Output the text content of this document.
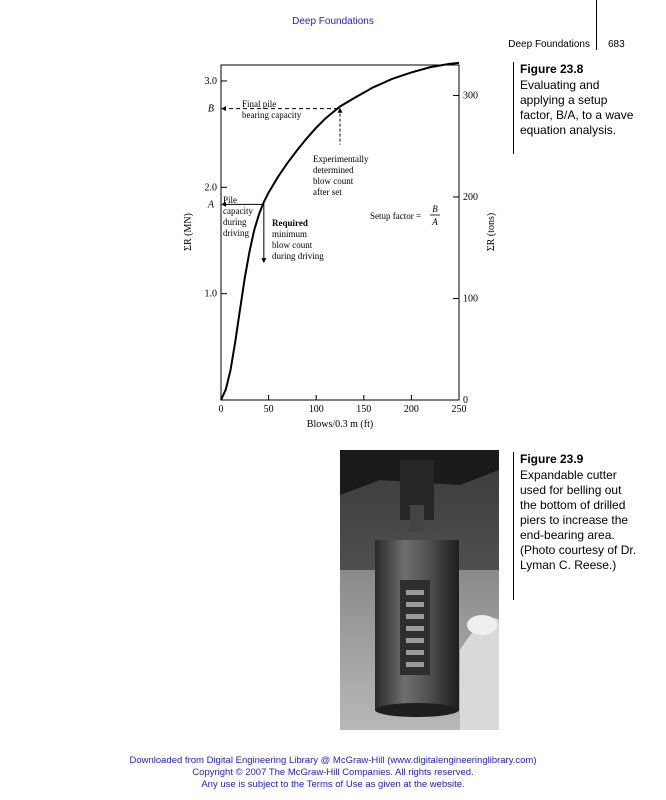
Deep Foundations
Deep Foundations 683
0	50	100	150	200	250
1.0
2.0
3.0
0
100
200
300
B
A
Final pile bearing capacity
Pile capacity during driving
Required minimum blow count during driving
Experimentally determined blow count after set
Setup factor =
B
A
Blows/0.3 m (ft)
ΣR (MN)	ΣR (tons)
Figure 23.8
Evaluating and applying a setup factor, B/A, to a wave equation analysis.
Figure 23.9
Expandable cutter used for belling out the bottom of drilled piers to increase the end-bearing area. (Photo courtesy of Dr. Lyman C. Reese.)
Downloaded from Digital Engineering Library @ McGraw-Hill (www.digitalengineeringlibrary.com)
Copyright © 2007 The McGraw-Hill Companies. All rights reserved.
Any use is subject to the Terms of Use as given at the website.
